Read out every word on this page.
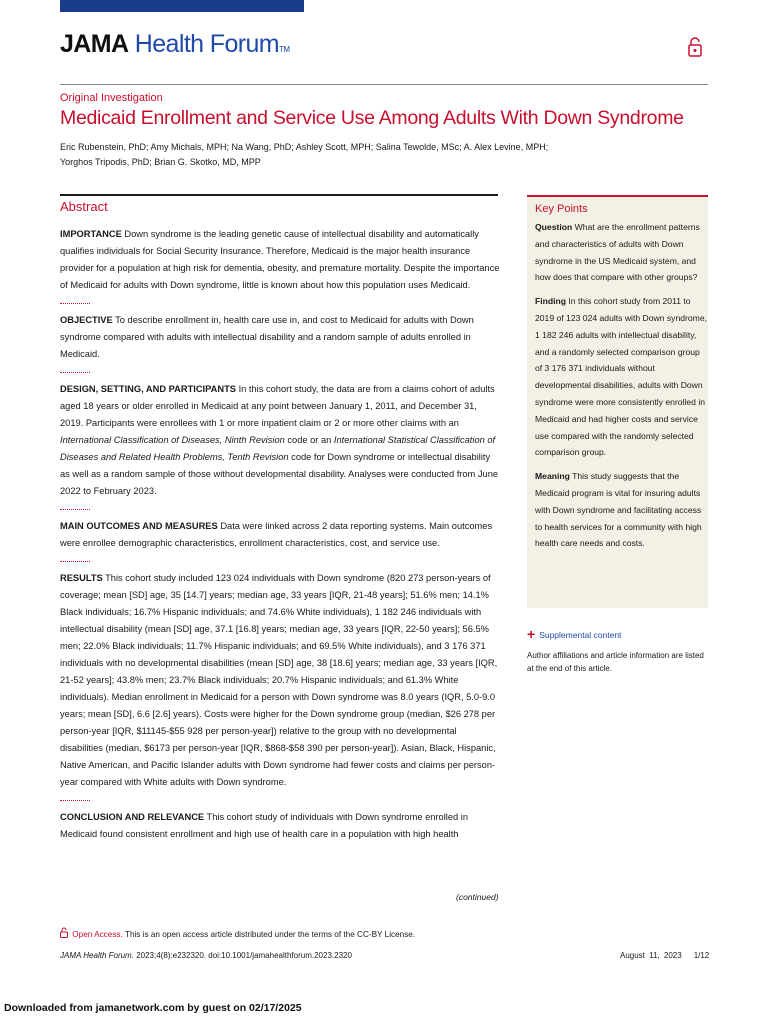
JAMA Health ForumTM
Original Investigation
Medicaid Enrollment and Service Use Among Adults With Down Syndrome
Eric Rubenstein, PhD; Amy Michals, MPH; Na Wang, PhD; Ashley Scott, MPH; Salina Tewolde, MSc; A. Alex Levine, MPH; Yorghos Tripodis, PhD; Brian G. Skotko, MD, MPP
Abstract
IMPORTANCE Down syndrome is the leading genetic cause of intellectual disability and automatically qualifies individuals for Social Security Insurance. Therefore, Medicaid is the major health insurance provider for a population at high risk for dementia, obesity, and premature mortality. Despite the importance of Medicaid for adults with Down syndrome, little is known about how this population uses Medicaid.
OBJECTIVE To describe enrollment in, health care use in, and cost to Medicaid for adults with Down syndrome compared with adults with intellectual disability and a random sample of adults enrolled in Medicaid.
DESIGN, SETTING, AND PARTICIPANTS In this cohort study, the data are from a claims cohort of adults aged 18 years or older enrolled in Medicaid at any point between January 1, 2011, and December 31, 2019. Participants were enrollees with 1 or more inpatient claim or 2 or more other claims with an International Classification of Diseases, Ninth Revision code or an International Statistical Classification of Diseases and Related Health Problems, Tenth Revision code for Down syndrome or intellectual disability as well as a random sample of those without developmental disability. Analyses were conducted from June 2022 to February 2023.
MAIN OUTCOMES AND MEASURES Data were linked across 2 data reporting systems. Main outcomes were enrollee demographic characteristics, enrollment characteristics, cost, and service use.
RESULTS This cohort study included 123 024 individuals with Down syndrome (820 273 person-years of coverage; mean [SD] age, 35 [14.7] years; median age, 33 years [IQR, 21-48 years]; 51.6% men; 14.1% Black individuals; 16.7% Hispanic individuals; and 74.6% White individuals), 1 182 246 individuals with intellectual disability (mean [SD] age, 37.1 [16.8] years; median age, 33 years [IQR, 22-50 years]; 56.5% men; 22.0% Black individuals; 11.7% Hispanic individuals; and 69.5% White individuals), and 3 176 371 individuals with no developmental disabilities (mean [SD] age, 38 [18.6] years; median age, 33 years [IQR, 21-52 years]; 43.8% men; 23.7% Black individuals; 20.7% Hispanic individuals; and 61.3% White individuals). Median enrollment in Medicaid for a person with Down syndrome was 8.0 years (IQR, 5.0-9.0 years; mean [SD], 6.6 [2.6] years). Costs were higher for the Down syndrome group (median, $26 278 per person-year [IQR, $11145-$55 928 per person-year]) relative to the group with no developmental disabilities (median, $6173 per person-year [IQR, $868-$58 390 per person-year]). Asian, Black, Hispanic, Native American, and Pacific Islander adults with Down syndrome had fewer costs and claims per person-year compared with White adults with Down syndrome.
CONCLUSION AND RELEVANCE This cohort study of individuals with Down syndrome enrolled in Medicaid found consistent enrollment and high use of health care in a population with high health
(continued)
Key Points

Question What are the enrollment patterns and characteristics of adults with Down syndrome in the US Medicaid system, and how does that compare with other groups?

Finding In this cohort study from 2011 to 2019 of 123 024 adults with Down syndrome, 1 182 246 adults with intellectual disability, and a randomly selected comparison group of 3 176 371 individuals without developmental disabilities, adults with Down syndrome were more consistently enrolled in Medicaid and had higher costs and service use compared with the randomly selected comparison group.

Meaning This study suggests that the Medicaid program is vital for insuring adults with Down syndrome and facilitating access to health services for a community with high health care needs and costs.

+ Supplemental content
Author affiliations and article information are listed at the end of this article.
Open Access. This is an open access article distributed under the terms of the CC-BY License.
JAMA Health Forum. 2023;4(8):e232320. doi:10.1001/jamahealthforum.2023.2320	August 11, 2023 1/12
Downloaded from jamanetwork.com by guest on 02/17/2025
